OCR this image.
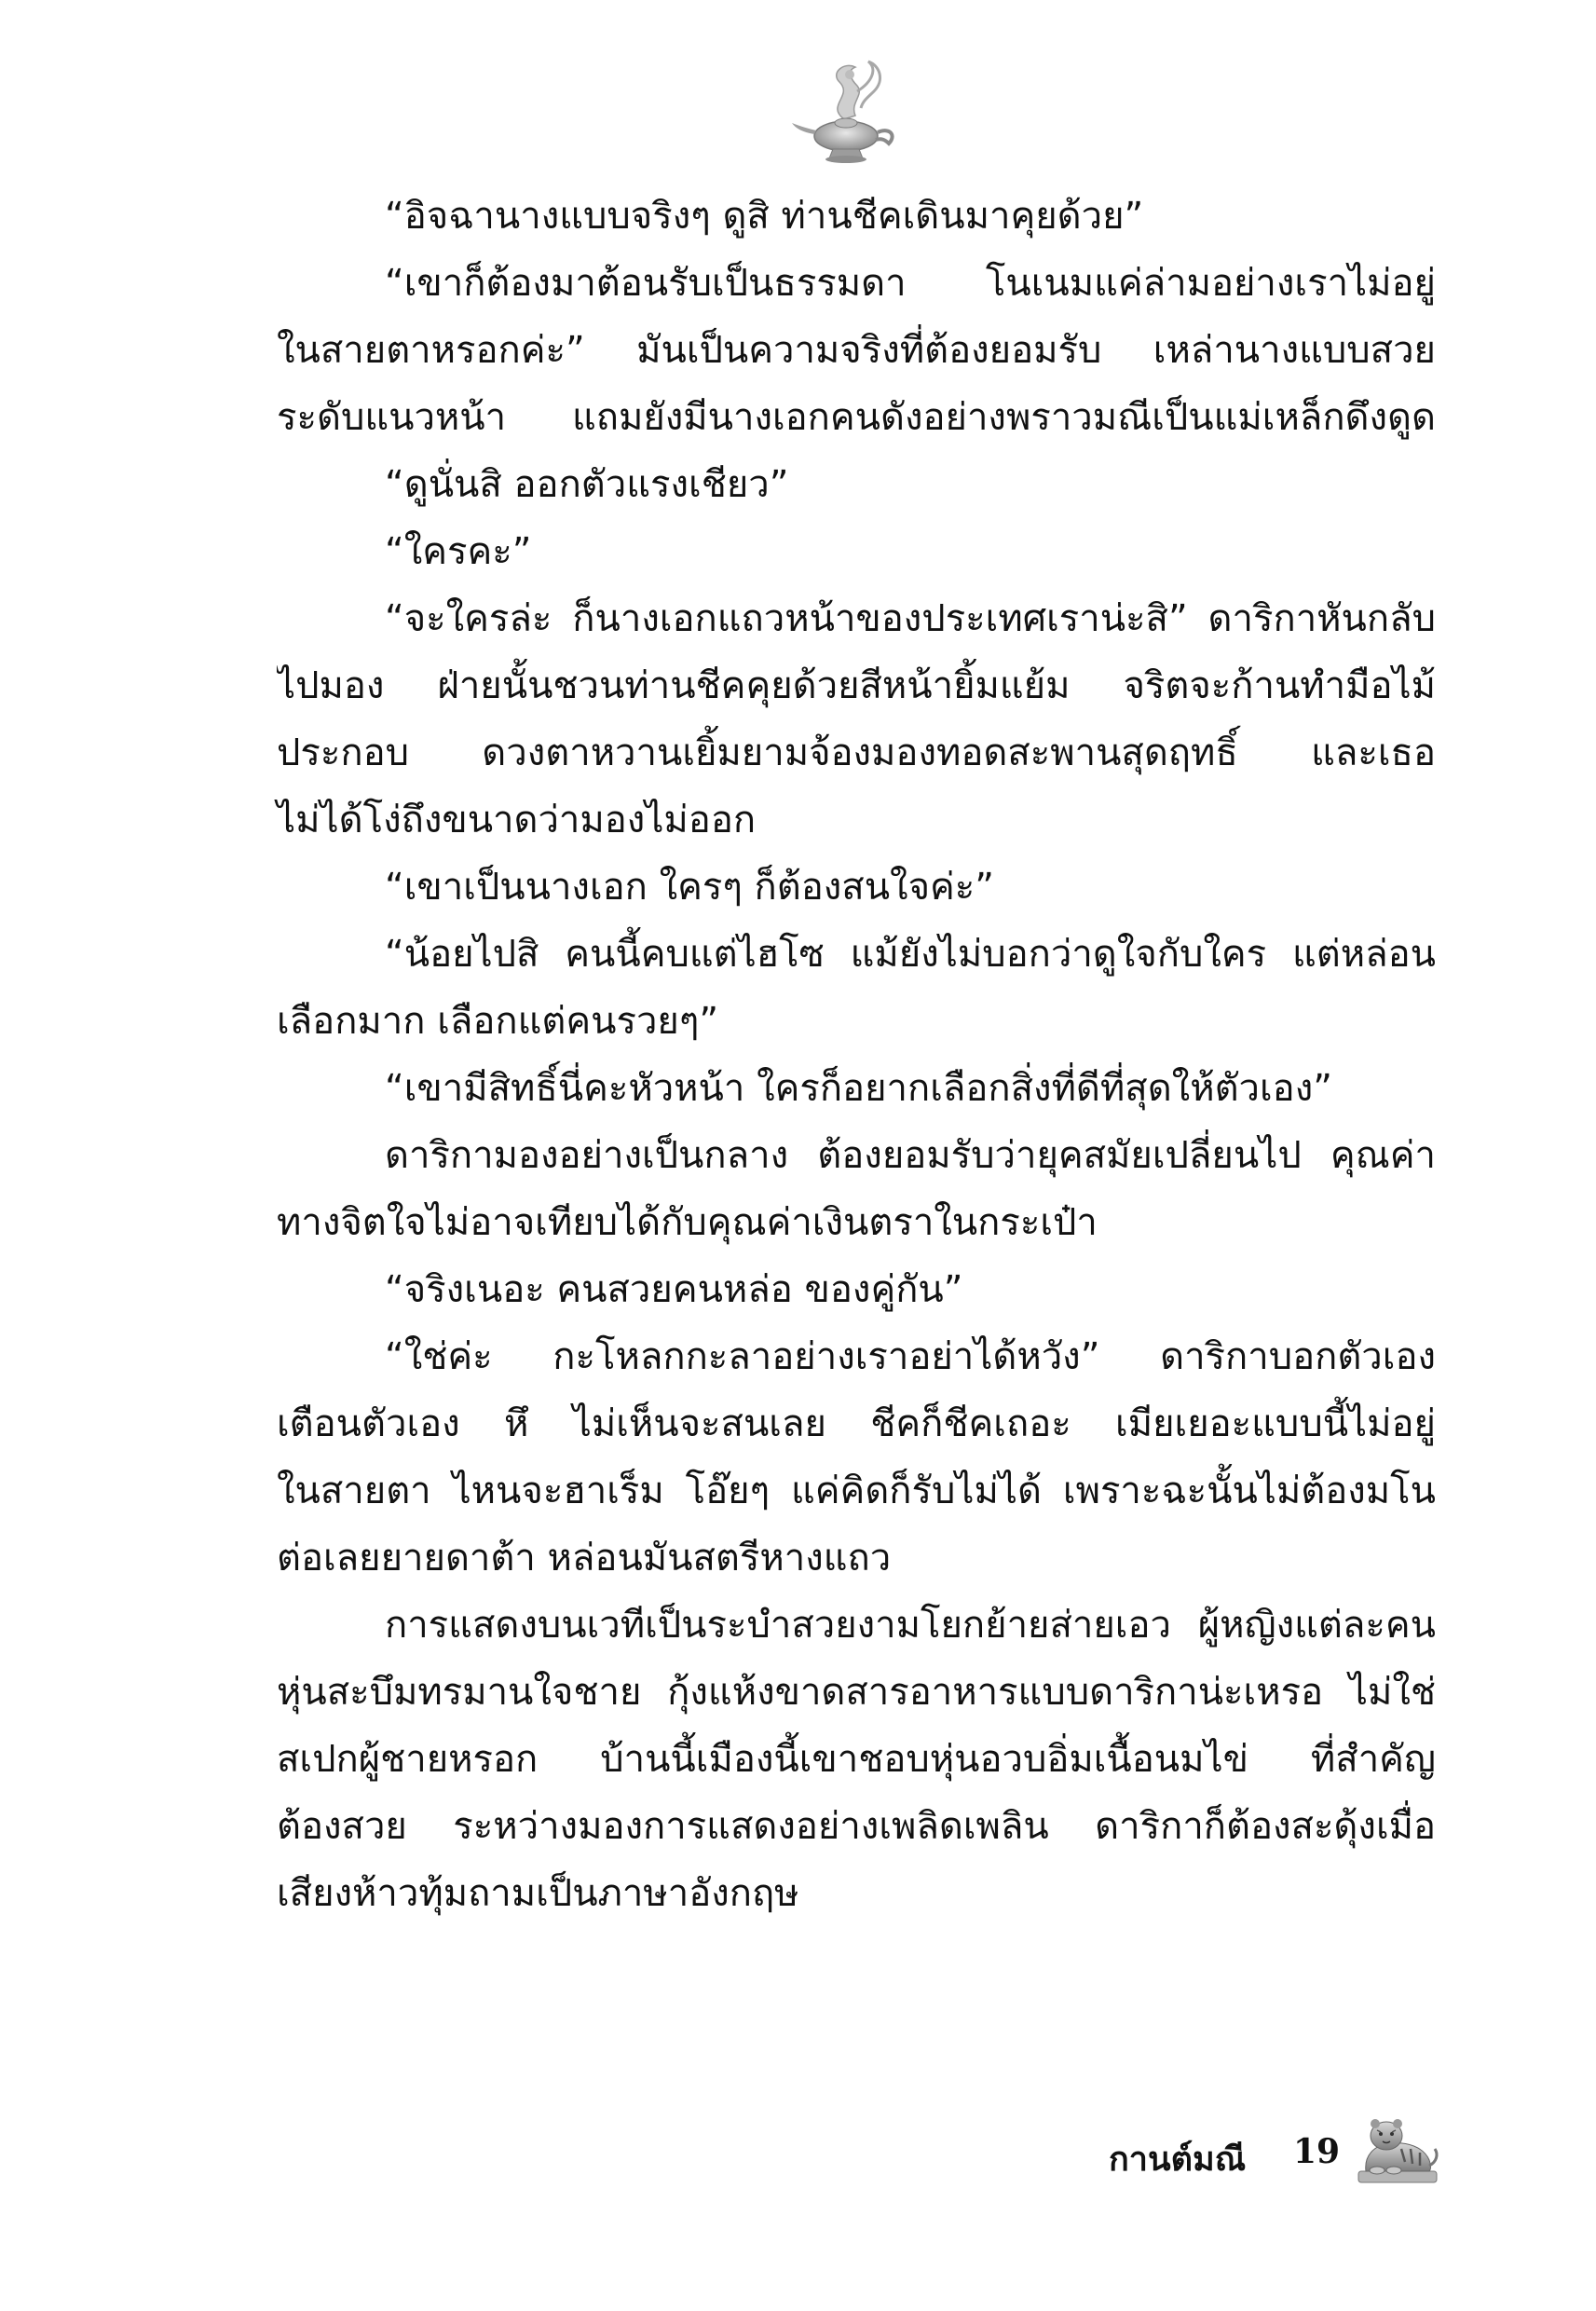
“อิจฉานางแบบจริงๆ ดูสิ ท่านชีคเดินมาคุยด้วย”
“เขาก็ต้องมาต้อนรับเป็นธรรมดา โนเนมแค่ล่ามอย่างเราไม่อยู่
ในสายตาหรอกค่ะ” มันเป็นความจริงที่ต้องยอมรับ เหล่านางแบบสวย
ระดับแนวหน้า แถมยังมีนางเอกคนดังอย่างพราวมณีเป็นแม่เหล็กดึงดูด
“ดูนั่นสิ ออกตัวแรงเชียว”
“ใครคะ”
“จะใครล่ะ ก็นางเอกแถวหน้าของประเทศเราน่ะสิ” ดาริกาหันกลับ
ไปมอง ฝ่ายนั้นชวนท่านชีคคุยด้วยสีหน้ายิ้มแย้ม จริตจะก้านทำมือไม้
ประกอบ ดวงตาหวานเยิ้มยามจ้องมองทอดสะพานสุดฤทธิ์ และเธอ
ไม่ได้โง่ถึงขนาดว่ามองไม่ออก
“เขาเป็นนางเอก ใครๆ ก็ต้องสนใจค่ะ”
“น้อยไปสิ คนนี้คบแต่ไฮโซ แม้ยังไม่บอกว่าดูใจกับใคร แต่หล่อน
เลือกมาก เลือกแต่คนรวยๆ”
“เขามีสิทธิ์นี่คะหัวหน้า ใครก็อยากเลือกสิ่งที่ดีที่สุดให้ตัวเอง”
ดาริกามองอย่างเป็นกลาง ต้องยอมรับว่ายุคสมัยเปลี่ยนไป คุณค่า
ทางจิตใจไม่อาจเทียบได้กับคุณค่าเงินตราในกระเป๋า
“จริงเนอะ คนสวยคนหล่อ ของคู่กัน”
“ใช่ค่ะ กะโหลกกะลาอย่างเราอย่าได้หวัง” ดาริกาบอกตัวเอง
เตือนตัวเอง หึ ไม่เห็นจะสนเลย ชีคก็ชีคเถอะ เมียเยอะแบบนี้ไม่อยู่
ในสายตา ไหนจะฮาเร็ม โอ๊ยๆ แค่คิดก็รับไม่ได้ เพราะฉะนั้นไม่ต้องมโน
ต่อเลยยายดาต้า หล่อนมันสตรีหางแถว
การแสดงบนเวทีเป็นระบำสวยงามโยกย้ายส่ายเอว ผู้หญิงแต่ละคน
หุ่นสะบึมทรมานใจชาย กุ้งแห้งขาดสารอาหารแบบดาริกาน่ะเหรอ ไม่ใช่
สเปกผู้ชายหรอก บ้านนี้เมืองนี้เขาชอบหุ่นอวบอิ่มเนื้อนมไข่ ที่สำคัญ
ต้องสวย ระหว่างมองการแสดงอย่างเพลิดเพลิน ดาริกาก็ต้องสะดุ้งเมื่อ
เสียงห้าวทุ้มถามเป็นภาษาอังกฤษ
กานต์มณี 19
